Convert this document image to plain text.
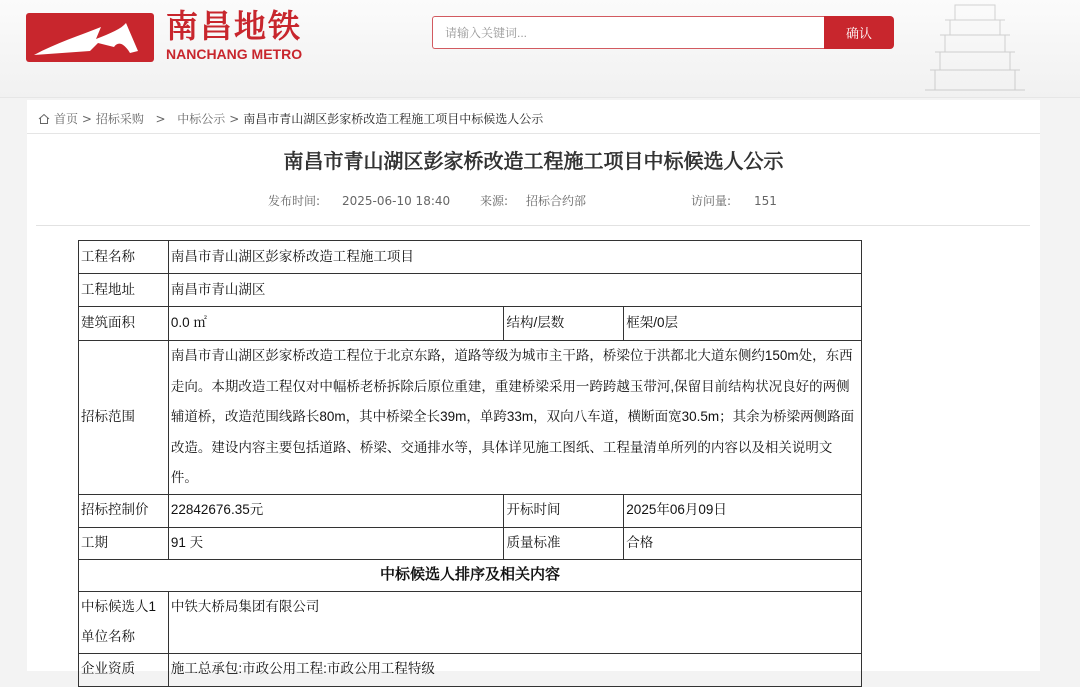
南昌地铁
NANCHANG METRO
请输入关键词...
确认
首页 > 招标采购 > 中标公示 > 南昌市青山湖区彭家桥改造工程施工项目中标候选人公示
南昌市青山湖区彭家桥改造工程施工项目中标候选人公示
发布时间: 2025-06-10 18:40 来源: 招标合约部	访问量: 151
工程名称	南昌市青山湖区彭家桥改造工程施工项目		
工程地址	南昌市青山湖区		
建筑面积	0.0 ㎡	结构/层数	框架/0层
招标范围	南昌市青山湖区彭家桥改造工程位于北京东路，道路等级为城市主干路，桥梁位于洪都北大道东侧约150m处，东西走向。本期改造工程仅对中幅桥老桥拆除后原位重建，重建桥梁采用一跨跨越玉带河,保留目前结构状况良好的两侧辅道桥，改造范围线路长80m，其中桥梁全长39m，单跨33m，双向八车道，横断面宽30.5m；其余为桥梁两侧路面改造。建设内容主要包括道路、桥梁、交通排水等，具体详见施工图纸、工程量清单所列的内容以及相关说明文件。		
招标控制价	22842676.35元	开标时间	2025年06月09日
工期	91 天	质量标准	合格
中标候选人排序及相关内容			

中标候选人1
单位名称	中铁大桥局集团有限公司		
企业资质	施工总承包:市政公用工程:市政公用工程特级		
